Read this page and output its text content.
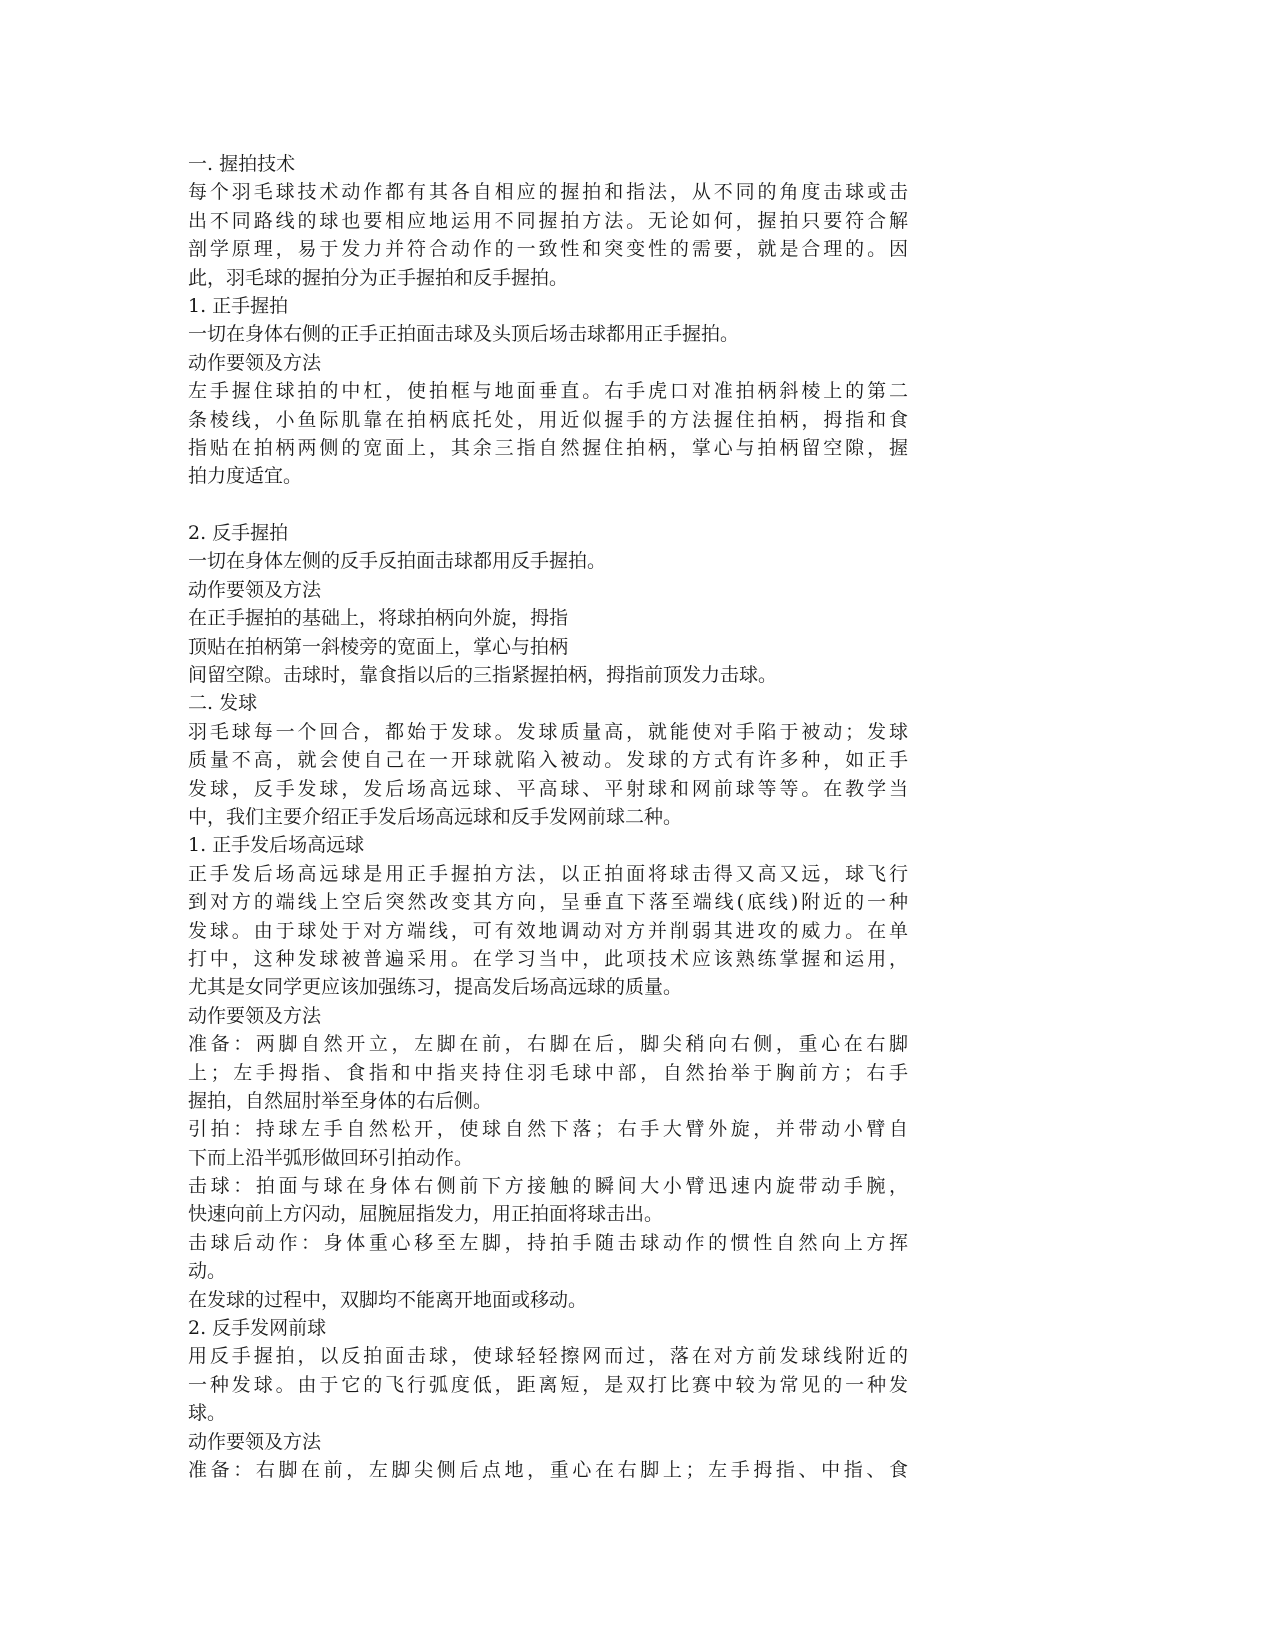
一. 握拍技术
每个羽毛球技术动作都有其各自相应的握拍和指法，从不同的角度击球或击
出不同路线的球也要相应地运用不同握拍方法。无论如何，握拍只要符合解
剖学原理，易于发力并符合动作的一致性和突变性的需要，就是合理的。因
此，羽毛球的握拍分为正手握拍和反手握拍。
1. 正手握拍
一切在身体右侧的正手正拍面击球及头顶后场击球都用正手握拍。
动作要领及方法
左手握住球拍的中杠，使拍框与地面垂直。右手虎口对准拍柄斜棱上的第二
条棱线，小鱼际肌靠在拍柄底托处，用近似握手的方法握住拍柄，拇指和食
指贴在拍柄两侧的宽面上，其余三指自然握住拍柄，掌心与拍柄留空隙，握
拍力度适宜。
2. 反手握拍
一切在身体左侧的反手反拍面击球都用反手握拍。
动作要领及方法
在正手握拍的基础上，将球拍柄向外旋，拇指
顶贴在拍柄第一斜棱旁的宽面上，掌心与拍柄
间留空隙。击球时，靠食指以后的三指紧握拍柄，拇指前顶发力击球。
二. 发球
羽毛球每一个回合，都始于发球。发球质量高，就能使对手陷于被动；发球
质量不高，就会使自己在一开球就陷入被动。发球的方式有许多种，如正手
发球，反手发球，发后场高远球、平高球、平射球和网前球等等。在教学当
中，我们主要介绍正手发后场高远球和反手发网前球二种。
1. 正手发后场高远球
正手发后场高远球是用正手握拍方法，以正拍面将球击得又高又远，球飞行
到对方的端线上空后突然改变其方向，呈垂直下落至端线(底线)附近的一种
发球。由于球处于对方端线，可有效地调动对方并削弱其进攻的威力。在单
打中，这种发球被普遍采用。在学习当中，此项技术应该熟练掌握和运用，
尤其是女同学更应该加强练习，提高发后场高远球的质量。
动作要领及方法
准备：两脚自然开立，左脚在前，右脚在后，脚尖稍向右侧，重心在右脚
上；左手拇指、食指和中指夹持住羽毛球中部，自然抬举于胸前方；右手
握拍，自然屈肘举至身体的右后侧。
引拍：持球左手自然松开，使球自然下落；右手大臂外旋，并带动小臂自
下而上沿半弧形做回环引拍动作。
击球：拍面与球在身体右侧前下方接触的瞬间大小臂迅速内旋带动手腕，
快速向前上方闪动，屈腕屈指发力，用正拍面将球击出。
击球后动作：身体重心移至左脚，持拍手随击球动作的惯性自然向上方挥
动。
在发球的过程中，双脚均不能离开地面或移动。
2. 反手发网前球
用反手握拍，以反拍面击球，使球轻轻擦网而过，落在对方前发球线附近的
一种发球。由于它的飞行弧度低，距离短，是双打比赛中较为常见的一种发
球。
动作要领及方法
准备：右脚在前，左脚尖侧后点地，重心在右脚上；左手拇指、中指、食
